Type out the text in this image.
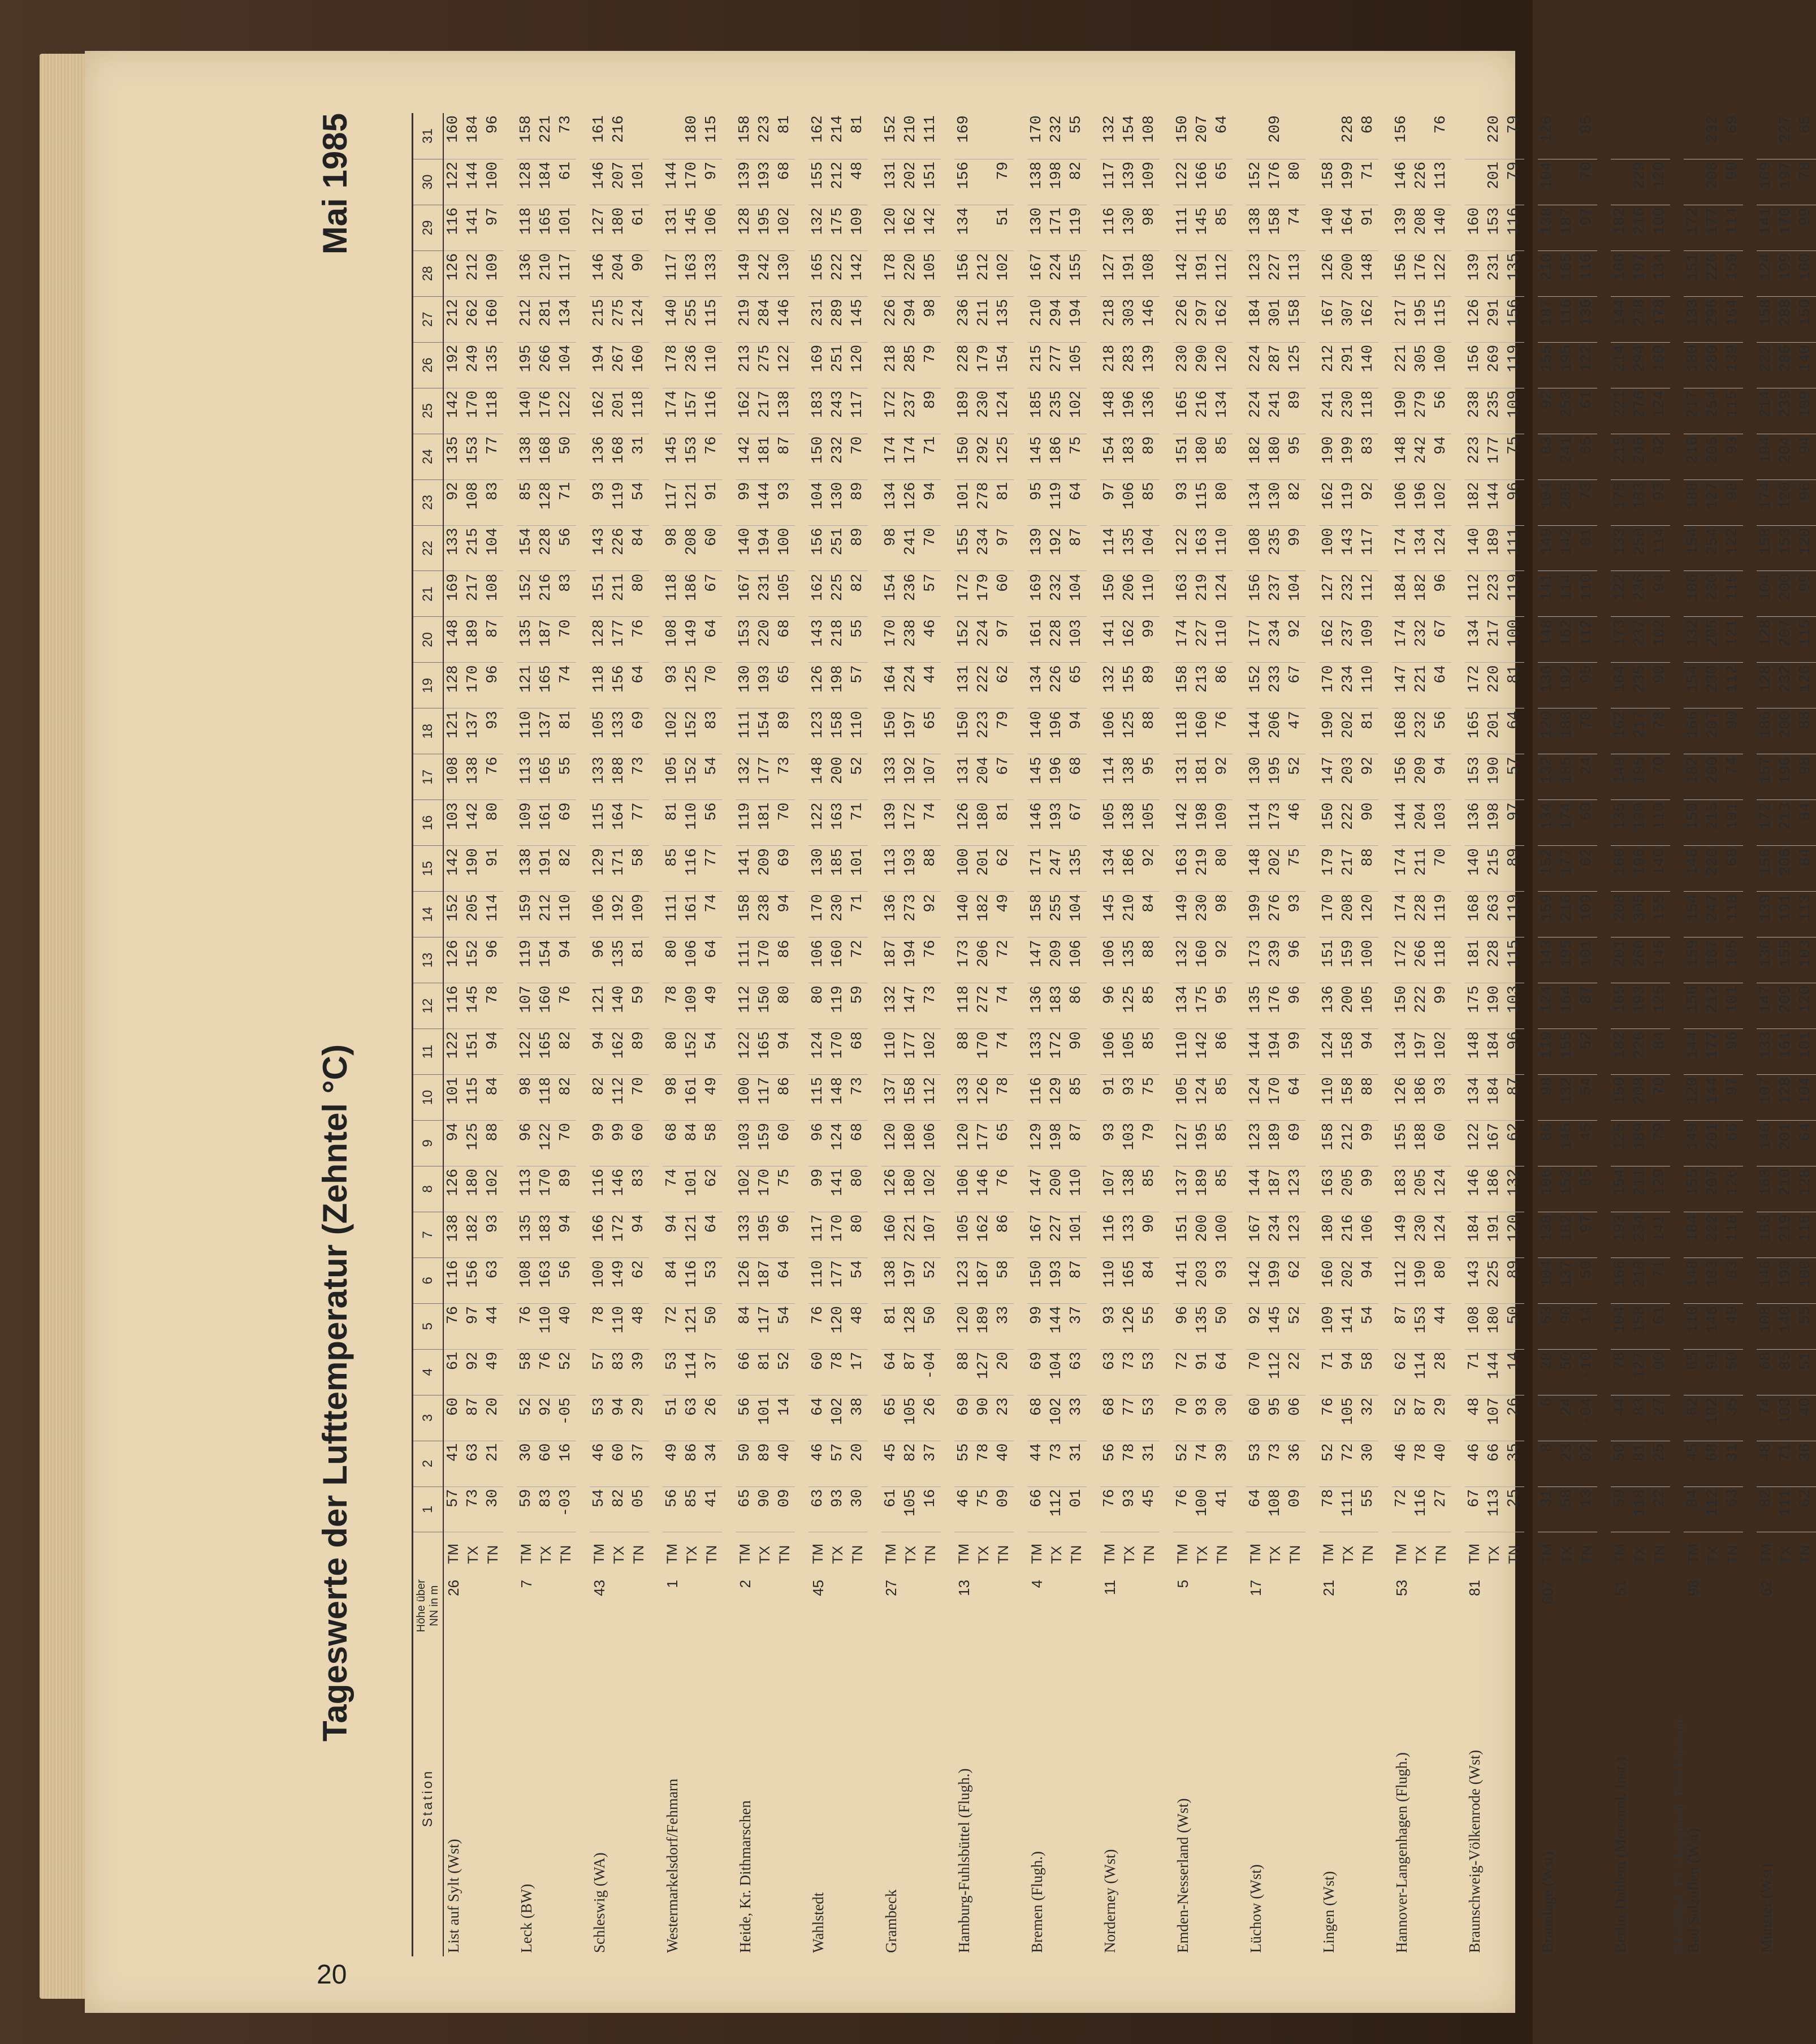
20
Tageswerte der Lufttemperatur (Zehntel °C)
Mai 1985
Station	Höhe über NN in m		1	2	3	4	5	6	7	8	9	10	11	12	13	14	15	16	17	18	19	20	21	22	23	24	25	26	27	28	29	30	31
List auf Sylt (Wst)	26	TM	57	41	60	61	76	116	138	126	94	101	122	116	126	152	142	103	108	121	128	148	169	133	92	135	142	192	212	126	116	122	160
		TX	73	63	87	92	97	156	182	180	125	115	151	145	152	205	190	142	138	137	170	189	217	215	108	153	170	249	262	212	141	144	184
		TN	30	21	20	49	44	63	93	102	88	84	94	78	96	114	91	80	76	93	96	87	108	104	83	77	118	135	160	109	97	100	96

Leck (BW)	7	TM	59	30	52	58	76	108	135	113	96	98	122	107	119	159	138	109	113	110	121	135	152	154	85	138	140	195	212	136	118	128	158
		TX	83	60	92	76	110	163	183	170	122	118	165	160	154	212	191	161	165	137	165	187	216	228	128	168	176	266	281	210	165	184	221
		TN	-03	16	-05	52	40	56	94	89	70	82	82	76	94	110	82	69	55	81	74	70	83	56	71	50	122	104	134	117	101	61	73

Schleswig (WA)	43	TM	54	46	53	57	78	100	166	116	99	82	94	121	96	106	129	115	133	105	118	128	151	143	93	136	162	194	215	146	127	146	161
		TX	82	60	94	83	110	149	172	146	99	112	162	140	135	192	171	164	188	133	156	177	211	226	119	168	201	267	275	204	180	207	216
		TN	05	37	29	39	48	62	94	83	60	70	89	59	81	109	58	77	73	69	64	76	80	84	54	31	118	160	124	90	61	101	

Westermarkelsdorf/Fehmarn	1	TM	56	49	51	53	72	84	94	74	68	98	80	78	80	111	85	81	105	102	93	108	118	98	117	145	174	178	140	117	131	144	
		TX	85	86	63	114	121	116	121	101	84	161	152	109	106	161	116	110	152	152	125	149	186	208	121	153	157	236	255	163	145	170	180
		TN	41	34	26	37	50	53	64	62	58	49	54	49	64	74	77	56	54	83	70	64	67	60	91	76	116	110	115	133	106	97	115

Heide, Kr. Dithmarschen	2	TM	65	50	56	66	84	126	133	102	103	100	122	112	111	158	141	119	132	111	130	153	167	140	99	142	162	213	219	149	128	139	158
		TX	90	89	101	81	117	187	195	170	159	117	165	150	170	238	209	181	177	154	193	220	231	194	144	181	217	275	284	242	195	193	223
		TN	09	40	14	52	54	64	96	75	60	86	94	80	86	94	69	70	73	89	65	68	105	100	93	87	138	122	146	130	102	68	81

Wahlstedt	45	TM	63	46	64	60	76	110	117	99	96	115	124	80	106	170	130	122	148	123	126	143	162	156	104	150	183	169	231	165	132	155	162
		TX	93	57	102	78	120	177	170	141	124	148	170	119	160	230	185	163	200	158	198	218	225	251	130	232	243	251	289	222	175	212	214
		TN	30	20	38	17	48	54	80	80	68	73	68	59	72	71	101	71	52	110	57	55	82	89	89	70	117	120	145	142	109	48	81

Grambeck	27	TM	61	45	65	64	81	138	160	126	120	137	110	132	187	136	113	139	133	150	164	170	154	98	134	174	172	218	226	178	120	131	152
		TX	105	82	105	87	128	197	221	180	180	158	177	147	194	273	193	172	192	197	224	238	236	241	126	174	237	285	294	220	162	202	210
		TN	16	37	26	-04	50	52	107	102	106	112	102	73	76	92	88	74	107	65	44	46	57	70	94	71	89	79	98	105	142	151	111

Hamburg-Fuhlsbüttel (Flugh.)	13	TM	46	55	69	88	120	123	105	106	120	133	88	118	173	140	100	126	131	150	131	152	172	155	101	150	189	228	236	156	134	156	169
		TX	75	78	90	127	189	187	162	146	177	126	170	272	206	182	201	180	204	223	222	224	179	234	278	292	230	179	211	212			
		TN	09	40	23	20	33	58	86	76	65	78	74	74	72	49	62	81	67	79	62	97	60	97	81	125	124	154	135	102	51	79	

Bremen (Flugh.)	4	TM	66	44	68	69	99	150	167	147	129	116	133	136	147	158	171	146	145	140	134	161	169	139	95	145	185	215	210	167	130	138	170
		TX	112	73	102	104	144	193	227	200	198	129	172	183	209	255	247	193	196	196	226	228	232	192	119	186	235	277	294	224	171	198	232
		TN	01	31	33	63	37	87	101	110	87	85	90	86	106	104	135	67	68	94	65	103	104	87	64	75	102	105	194	155	119	82	55

Norderney (Wst)	11	TM	76	56	68	63	93	110	116	107	93	91	106	96	106	145	134	105	114	106	132	141	150	114	97	154	148	218	218	127	116	117	132
		TX	93	78	77	73	126	165	133	138	103	93	105	125	135	210	186	138	138	125	155	162	206	135	106	183	196	283	303	191	130	139	154
		TN	45	31	53	53	55	84	90	85	79	75	85	85	88	84	92	105	95	88	89	99	110	104	85	89	136	139	146	108	98	109	108

Emden-Nesserland (Wst)	5	TM	76	52	70	72	96	141	151	137	127	105	110	134	132	149	163	142	131	118	158	174	163	122	93	151	165	230	226	142	111	122	150
		TX	100	74	93	91	135	203	200	189	195	124	142	175	160	230	219	198	181	160	213	227	219	163	115	180	216	290	297	191	145	166	207
		TN	41	39	30	64	50	93	100	85	85	85	86	95	92	98	80	109	92	76	86	110	124	110	80	85	134	120	162	112	85	65	64

Lüchow (Wst)	17	TM	64	53	60	70	92	142	167	144	123	124	144	135	173	199	148	114	130	144	152	177	156	108	134	182	224	224	184	123	138	152	
		TX	108	73	95	112	145	199	234	187	189	170	194	176	239	276	202	173	195	206	233	234	237	235	130	180	241	287	301	227	158	176	209
		TN	09	36	06	22	52	62	123	123	69	64	99	96	96	93	75	46	52	47	67	92	104	99	82	95	89	125	158	113	74	80	

Lingen (Wst)	21	TM	78	52	76	71	109	160	180	163	158	110	124	136	151	170	179	150	147	190	170	162	127	100	162	190	241	212	167	126	140	158	
		TX	111	72	105	94	141	202	216	205	212	158	158	200	159	208	217	222	203	202	234	237	232	143	119	199	230	291	307	200	164	199	228
		TN	55	30	32	58	54	94	106	99	99	88	94	105	100	120	88	90	92	81	110	109	112	117	92	83	118	140	162	148	91	71	68

Hannover-Langenhagen (Flugh.)	53	TM	72	46	52	62	87	112	149	183	155	126	134	150	172	174	174	144	156	168	147	174	184	174	106	148	190	221	217	156	139	146	156
		TX	116	78	87	114	153	190	230	205	188	186	197	222	266	228	211	204	209	232	221	232	182	134	196	242	279	305	195	176	208	226	
		TN	27	40	29	28	44	80	124	124	60	93	102	99	118	119	70	103	94	56	64	67	96	124	102	94	56	100	115	122	140	113	76

Braunschweig-Völkenrode (Wst)	81	TM	67	46	48	71	108	143	184	146	122	134	148	175	181	168	140	136	153	165	172	134	112	140	182	223	238	156	126	139	160		
		TX	113	66	107	144	180	225	191	186	167	184	184	190	228	263	215	198	190	201	220	217	223	189	144	177	235	269	291	231	153	201	220
		TN	25	35	26	14	50	89	120	132	62	87	96	103	115	119	89	97	57	64	81	100	119	111	96	75	109	119	156	135	116	79	79

Braunlage (Wst)	607	TM	31	8	6	28	63	104	138	106	86	98	119	124	143	159	152	134	132	120	136	148	141	149	104	83	92	155	187	210	138	104	126
		TX	58	23	24	50	90	137	182	152	145	132	155	164	195	216	177	174	185	188	192	162	114	142	205	241	253	195	116	165	187		
		TN	13	02	-04	-10	14	50	97	85	45	54	52	87	101	109	62	60	24	70	95	112	110	81	73	65	61	122	136	116	97	70	85

Berlin-Dahlem (Meteorol. Inst.)	51	TM	59	50	44	78	104	166	193	154	125	150	182	165	201	208	160	135	149	162	164	173	122	133	175	215	221	214	144	166	182		
		TX	118	81	83	127	158	218	234	211	189	208	226	193	260	305	196	190	195	217	235	237	236	250	183	246	276	294	278	197	216	229	
		TN	22	25	27	00	61	71	141	129	79	70	84	125	145	155	140	110	70	78	90	102	94	114	93	82	124	160	178	134	100	120	

Bad Salzuflen (Wst)	98	TM	84	45	62	65	110	148	184	155	149	120	144	156	159	154	146	150	182	166	154	132	106	154	188	216	217	180	133	151	172		
		TX	112	68	102	91	146	183	222	207	201	144	177	212	187	247	220	215	200	207	230	205	230	254	127	205	254	280	296	226	177	208	232
		TN	63	31	35	50	49	83	118	126	66	97	96	101	105	118	68	101	74	90	112	121	115	122	98	93	115	139	164	159	114	90	69

Münster (Wst)	62	TM	82	48	74	68	108	146	183	163	146	107	133	147	136	139	156	172	157	186	128	128	104	158	174	194	214	222	158	124	141	169	
		TX	111	71	103	85	140	190	219	210	201	128	161	209	155	191	206	213	196	200	232	207	200	153	120	204	239	286	288	199	170	197	227
		TN	62	36	40	51	55	100	116	128	64	104	101	120	103	113	84	84	98	88	126	115	99	120	96	94	109	140	150	160	99	78	65
TM = Mittel, TX = Maximum, TN = Minimum
